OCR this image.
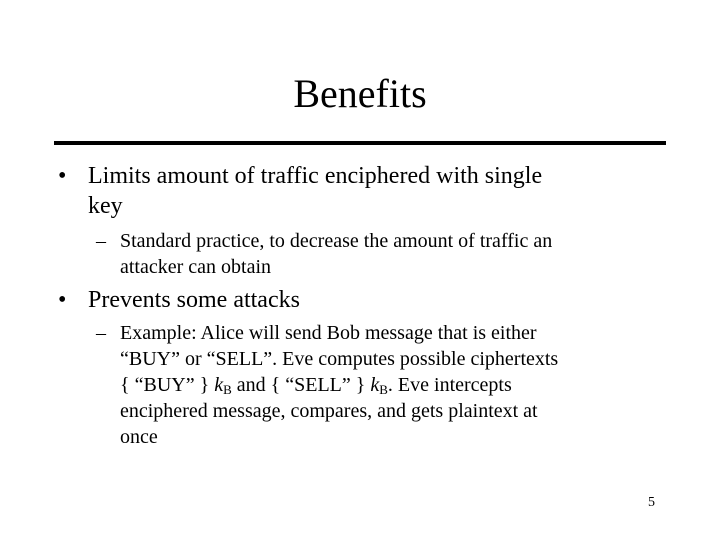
Benefits
• Limits amount of traffic enciphered with single
key
– Standard practice, to decrease the amount of traffic an
attacker can obtain
• Prevents some attacks
– Example: Alice will send Bob message that is either
“BUY” or “SELL”. Eve computes possible ciphertexts
{ “BUY” } $k_B$ and { “SELL” } $k_B$. Eve intercepts
enciphered message, compares, and gets plaintext at
once
5
